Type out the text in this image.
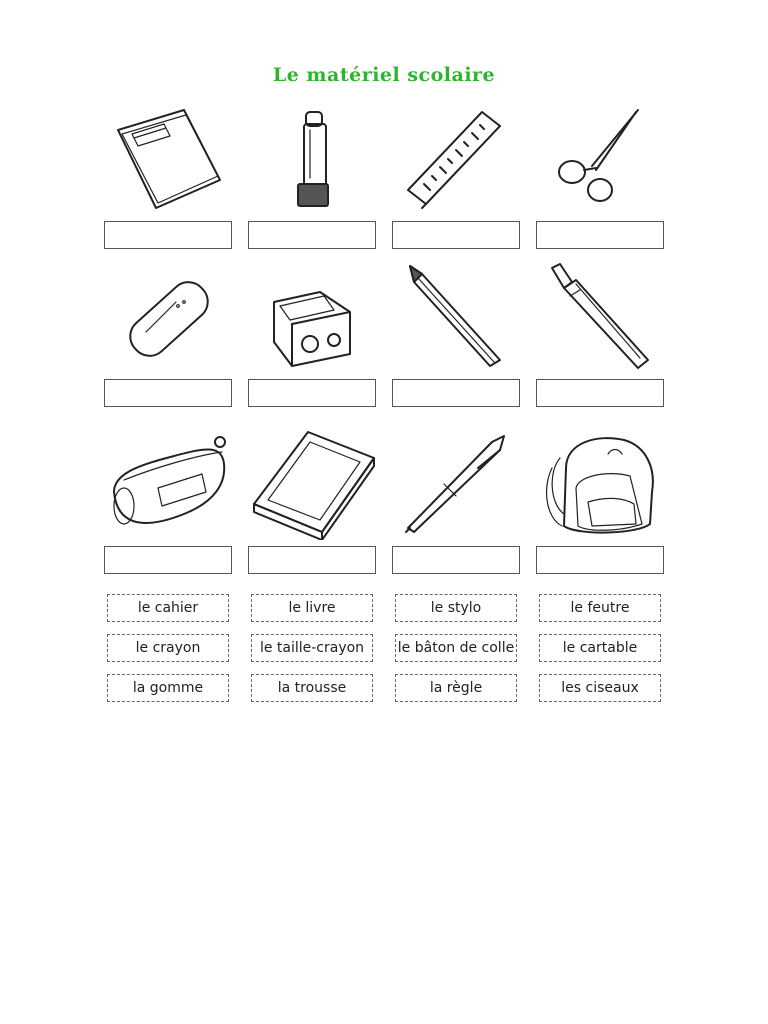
Le matériel scolaire
le cahier	le livre	le stylo	le feutre
le crayon	le taille-crayon	le bâton de colle	le cartable
la gomme	la trousse	la règle	les ciseaux
